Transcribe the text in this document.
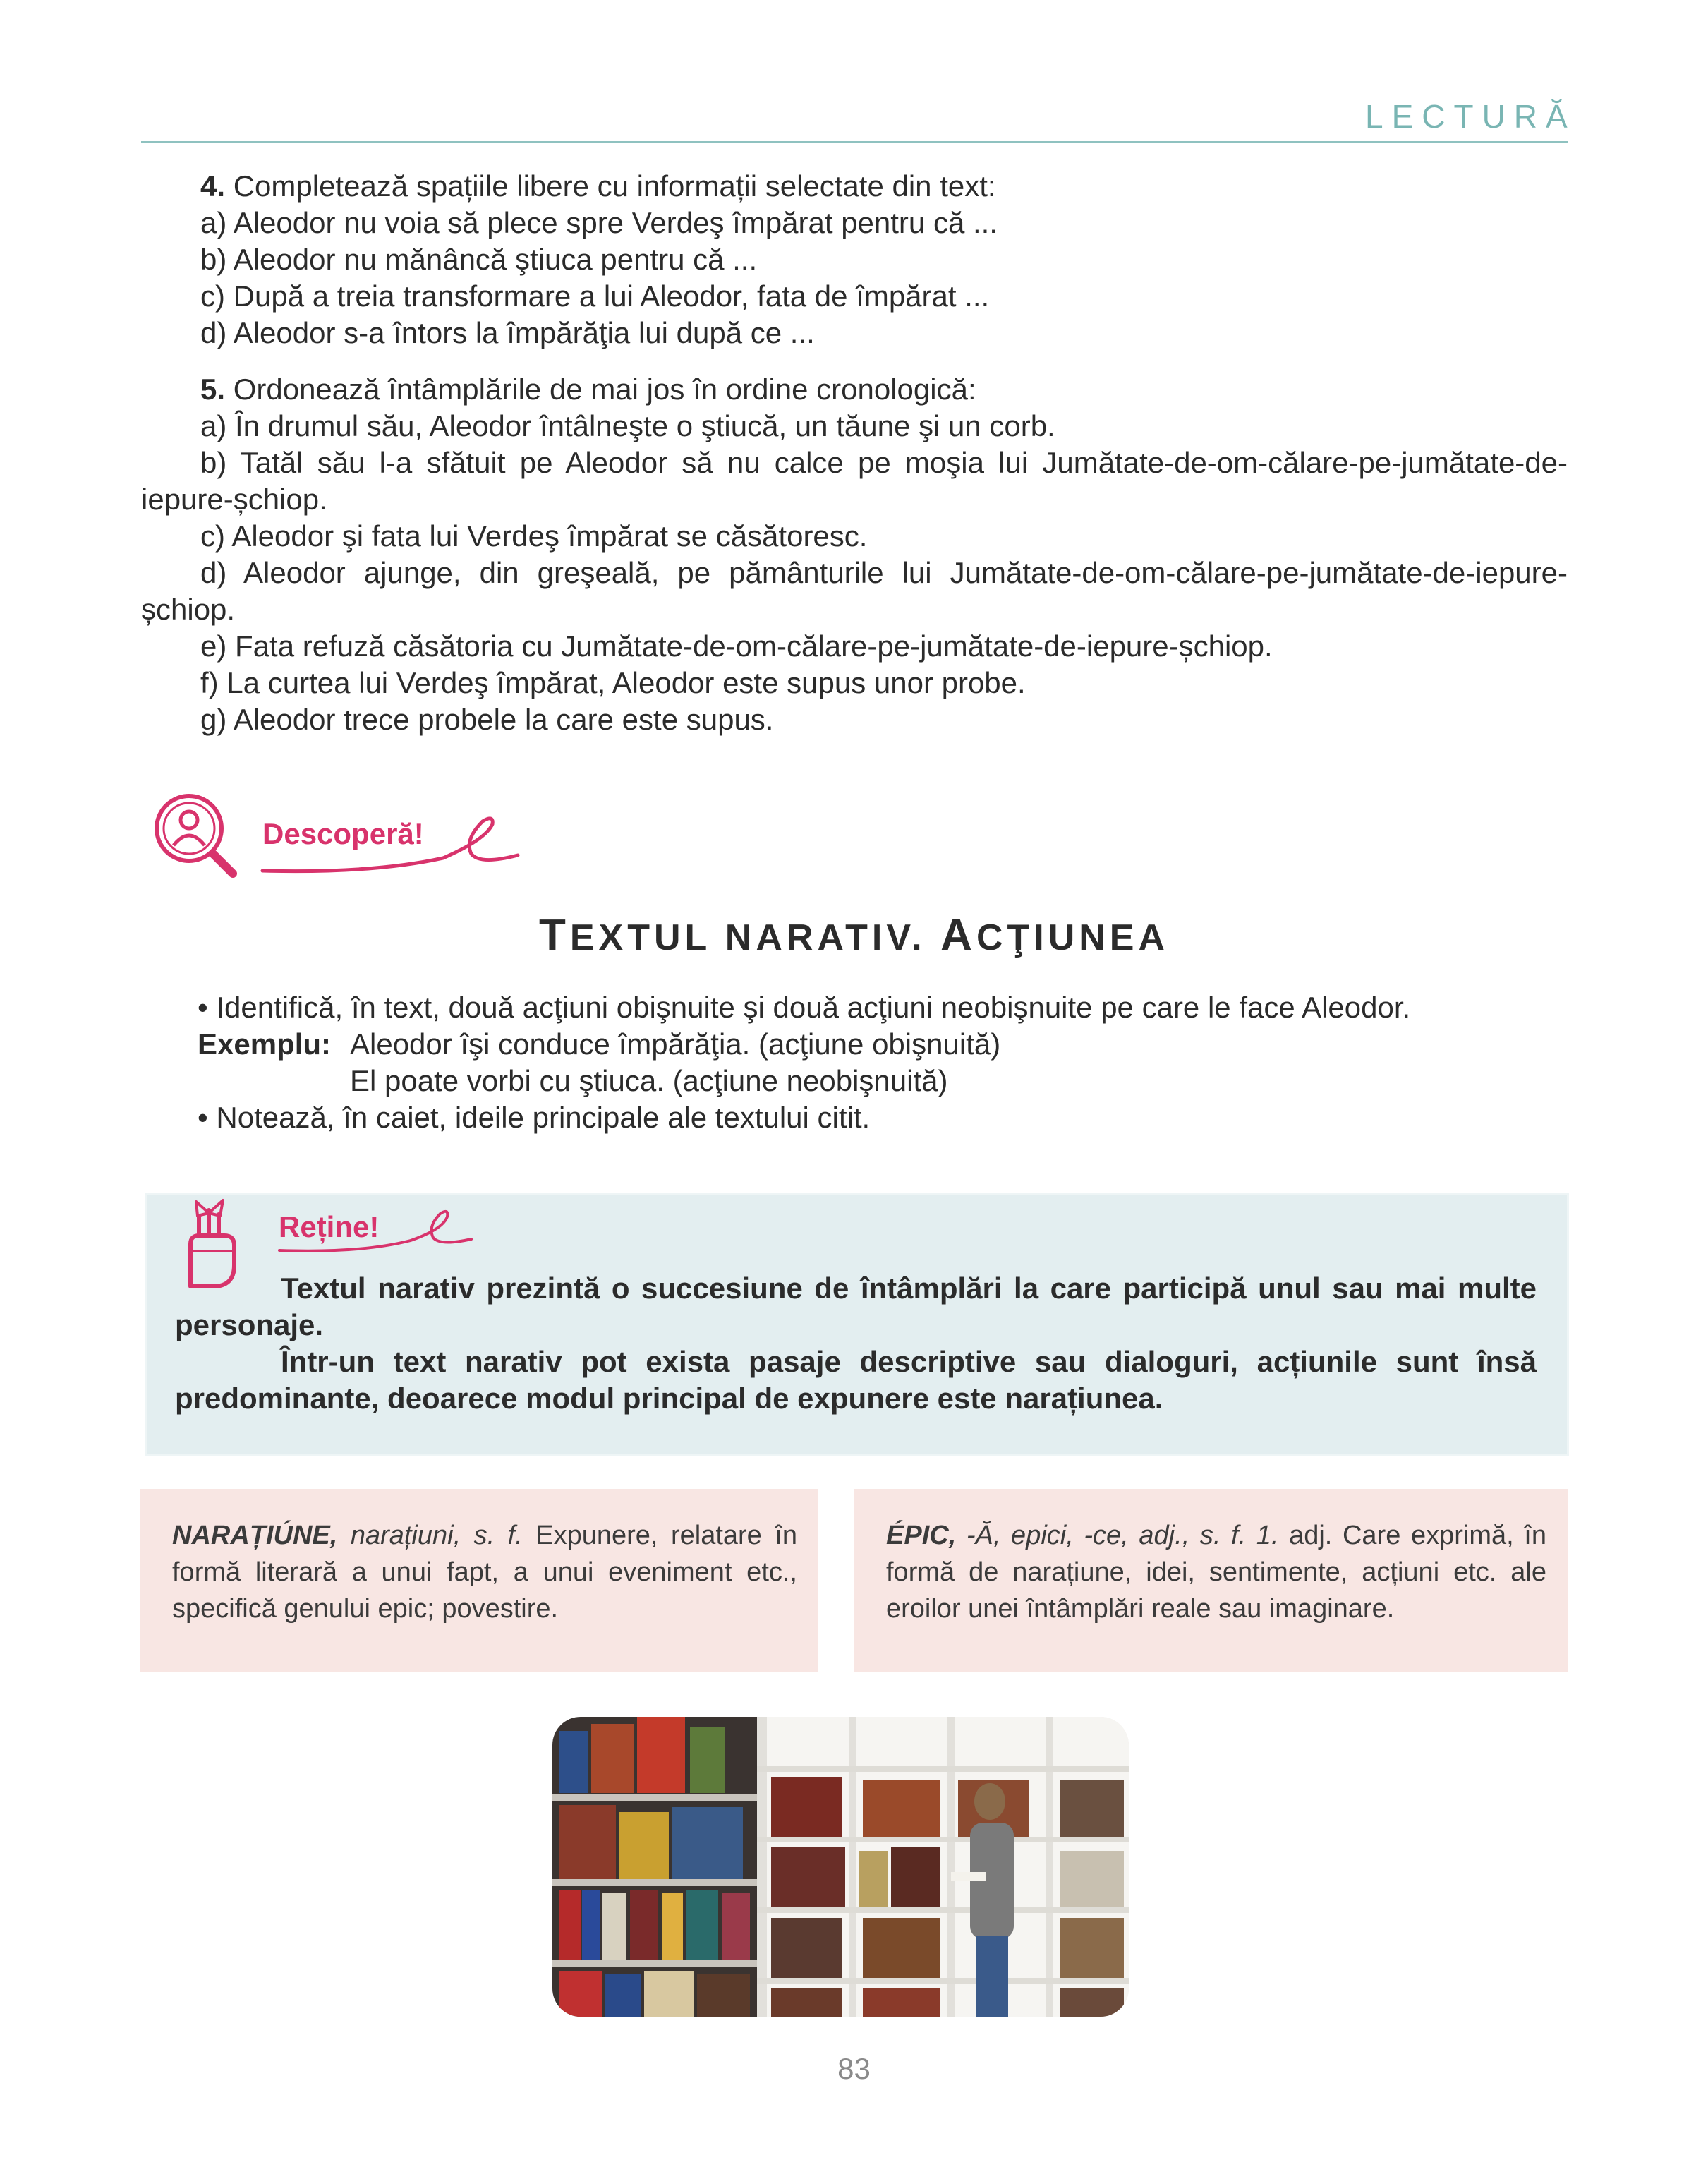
LECTURĂ
4. Completează spațiile libere cu informații selectate din text:
a) Aleodor nu voia să plece spre Verdeş împărat pentru că ...
b) Aleodor nu mănâncă ştiuca pentru că ...
c) După a treia transformare a lui Aleodor, fata de împărat ...
d) Aleodor s-a întors la împărăţia lui după ce ...
5. Ordonează întâmplările de mai jos în ordine cronologică:
a) În drumul său, Aleodor întâlneşte o ştiucă, un tăune şi un corb.
b) Tatăl său l-a sfătuit pe Aleodor să nu calce pe moşia lui Jumătate-de-om-călare-pe-jumătate-de-iepure-șchiop.
c) Aleodor şi fata lui Verdeş împărat se căsătoresc.
d) Aleodor ajunge, din greşeală, pe pământurile lui Jumătate-de-om-călare-pe-jumătate-de-iepure-șchiop.
e) Fata refuză căsătoria cu Jumătate-de-om-călare-pe-jumătate-de-iepure-șchiop.
f) La curtea lui Verdeş împărat, Aleodor este supus unor probe.
g) Aleodor trece probele la care este supus.
Descoperă!
TEXTUL NARATIV. ACŢIUNEA
• Identifică, în text, două acţiuni obişnuite şi două acţiuni neobişnuite pe care le face Aleodor.
Exemplu: Aleodor îşi conduce împărăţia. (acţiune obişnuită)
El poate vorbi cu ştiuca. (acţiune neobişnuită)
• Notează, în caiet, ideile principale ale textului citit.
Reține!

Textul narativ prezintă o succesiune de întâmplări la care participă unul sau mai multe personaje.

Într-un text narativ pot exista pasaje descriptive sau dialoguri, acțiunile sunt însă predominante, deoarece modul principal de expunere este narațiunea.

NARAȚIÚNE, narațiuni, s. f. Expunere, relatare în formă literară a unui fapt, a unui eveniment etc., specifică genului epic; povestire.
ÉPIC, -Ă, epici, -ce, adj., s. f. 1. adj. Care exprimă, în formă de narațiune, idei, sentimente, acțiuni etc. ale eroilor unei întâmplări reale sau imaginare.
83
